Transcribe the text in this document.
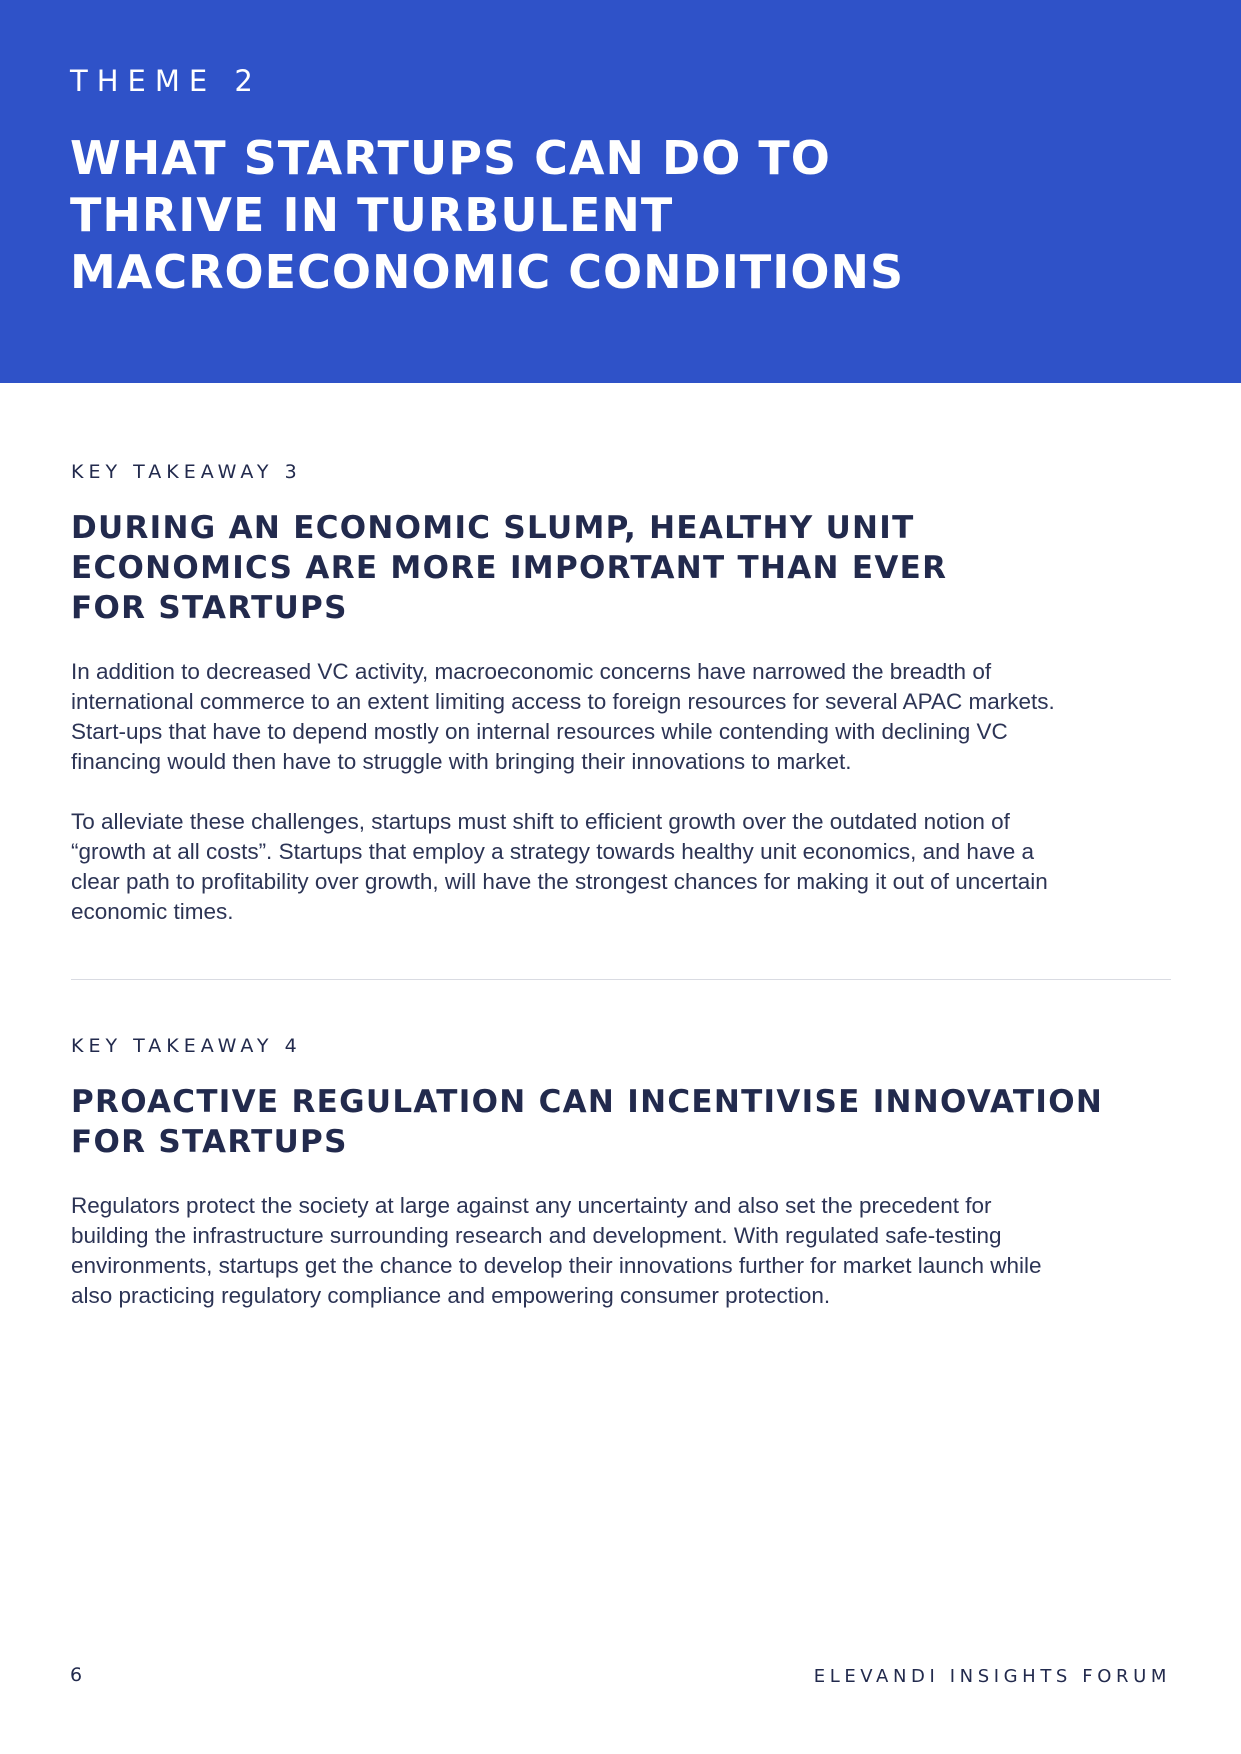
THEME 2

WHAT STARTUPS CAN DO TO
THRIVE IN TURBULENT
MACROECONOMIC CONDITIONS

KEY TAKEAWAY 3

DURING AN ECONOMIC SLUMP, HEALTHY UNIT
ECONOMICS ARE MORE IMPORTANT THAN EVER
FOR STARTUPS

In addition to decreased VC activity, macroeconomic concerns have narrowed the breadth of
international commerce to an extent limiting access to foreign resources for several APAC markets.
Start-ups that have to depend mostly on internal resources while contending with declining VC
financing would then have to struggle with bringing their innovations to market.

To alleviate these challenges, startups must shift to efficient growth over the outdated notion of
“growth at all costs”. Startups that employ a strategy towards healthy unit economics, and have a
clear path to profitability over growth, will have the strongest chances for making it out of uncertain
economic times.

KEY TAKEAWAY 4

PROACTIVE REGULATION CAN INCENTIVISE INNOVATION
FOR STARTUPS

Regulators protect the society at large against any uncertainty and also set the precedent for
building the infrastructure surrounding research and development. With regulated safe-testing
environments, startups get the chance to develop their innovations further for market launch while
also practicing regulatory compliance and empowering consumer protection.

6	ELEVANDI INSIGHTS FORUM
